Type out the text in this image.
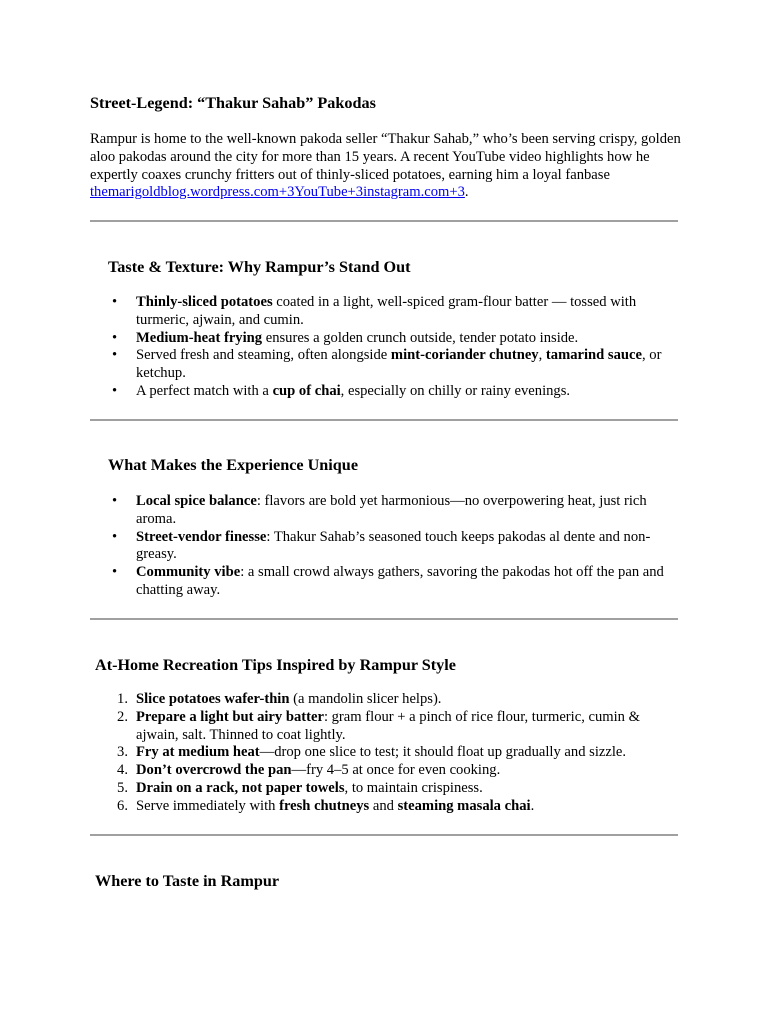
Street-Legend: “Thakur Sahab” Pakodas

Rampur is home to the well-known pakoda seller “Thakur Sahab,” who’s been serving crispy, golden aloo pakodas around the city for more than 15 years. A recent YouTube video highlights how he expertly coaxes crunchy fritters out of thinly-sliced potatoes, earning him a loyal fanbase themarigoldblog.wordpress.com+3YouTube+3instagram.com+3.

Taste & Texture: Why Rampur’s Stand Out
•	Thinly-sliced potatoes coated in a light, well-spiced gram-flour batter — tossed with turmeric, ajwain, and cumin.
•	Medium-heat frying ensures a golden crunch outside, tender potato inside.
•	Served fresh and steaming, often alongside mint-coriander chutney, tamarind sauce, or ketchup.
•	A perfect match with a cup of chai, especially on chilly or rainy evenings.
What Makes the Experience Unique
•	Local spice balance: flavors are bold yet harmonious—no overpowering heat, just rich aroma.
•	Street-vendor finesse: Thakur Sahab’s seasoned touch keeps pakodas al dente and non-greasy.
•	Community vibe: a small crowd always gathers, savoring the pakodas hot off the pan and chatting away.
At-Home Recreation Tips Inspired by Rampur Style
1. Slice potatoes wafer-thin (a mandolin slicer helps).
2. Prepare a light but airy batter: gram flour + a pinch of rice flour, turmeric, cumin & ajwain, salt. Thinned to coat lightly.
3. Fry at medium heat—drop one slice to test; it should float up gradually and sizzle.
4. Don’t overcrowd the pan—fry 4–5 at once for even cooking.
5. Drain on a rack, not paper towels, to maintain crispiness.
6. Serve immediately with fresh chutneys and steaming masala chai.
Where to Taste in Rampur
